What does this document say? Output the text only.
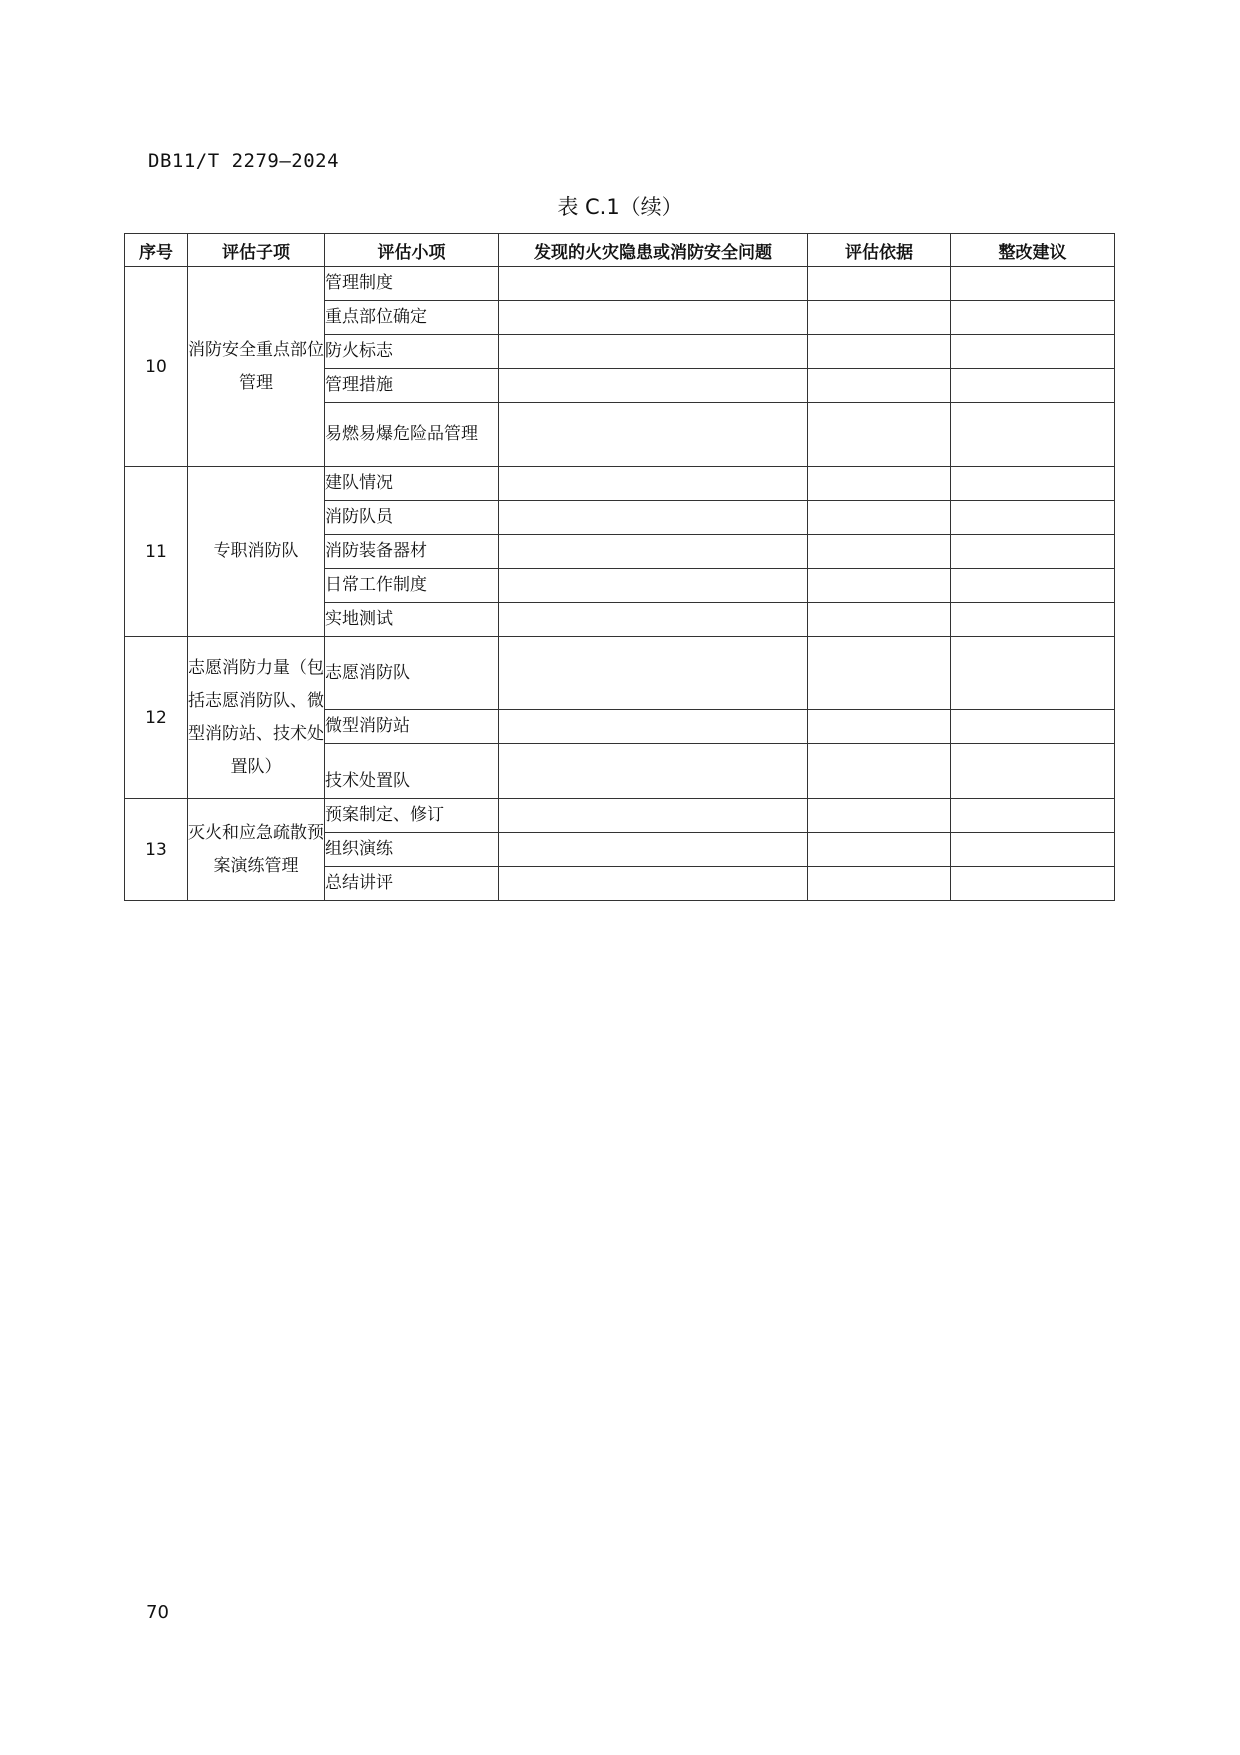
DB11/T 2279—2024
表 C.1（续）
序号	评估子项	评估小项	发现的火灾隐患或消防安全问题	评估依据	整改建议
10	消防安全重点部位管理	管理制度			
		重点部位确定			
		防火标志			
		管理措施			
		易燃易爆危险品管理			
11	专职消防队	建队情况			
		消防队员			
		消防装备器材			
		日常工作制度			
		实地测试			
12	志愿消防力量（包括志愿消防队、微型消防站、技术处置队）	志愿消防队			
		微型消防站			
		技术处置队			
13	灭火和应急疏散预案演练管理	预案制定、修订			
		组织演练			
		总结讲评			
70
